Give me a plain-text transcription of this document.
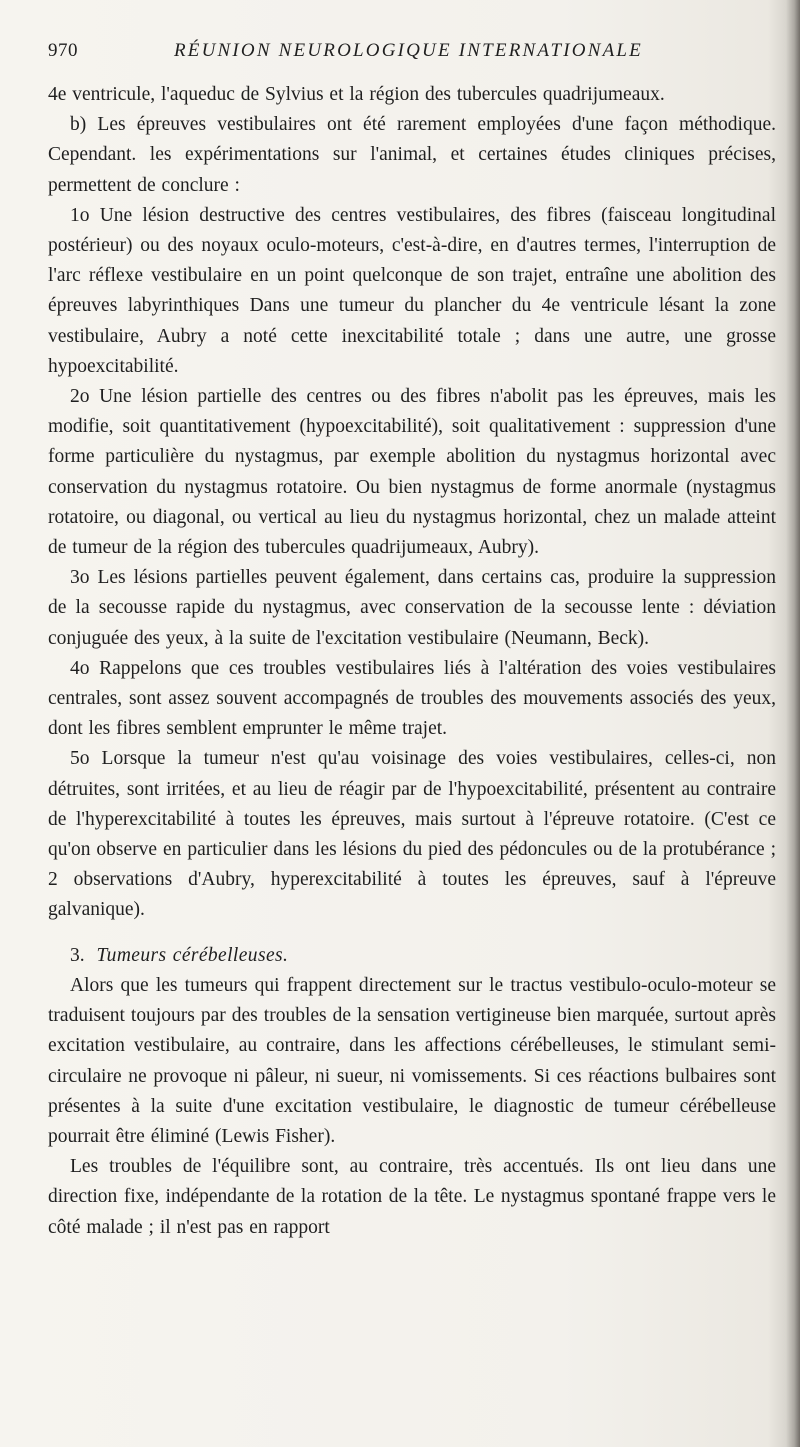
970	RÉUNION NEUROLOGIQUE INTERNATIONALE

4e ventricule, l'aqueduc de Sylvius et la région des tubercules quadrijumeaux.

b) Les épreuves vestibulaires ont été rarement employées d'une façon méthodique. Cependant. les expérimentations sur l'animal, et certaines études cliniques précises, permettent de conclure :

1o Une lésion destructive des centres vestibulaires, des fibres (faisceau longitudinal postérieur) ou des noyaux oculo-moteurs, c'est-à-dire, en d'autres termes, l'interruption de l'arc réflexe vestibulaire en un point quelconque de son trajet, entraîne une abolition des épreuves labyrinthiques Dans une tumeur du plancher du 4e ventricule lésant la zone vestibulaire, Aubry a noté cette inexcitabilité totale ; dans une autre, une grosse hypoexcitabilité.

2o Une lésion partielle des centres ou des fibres n'abolit pas les épreuves, mais les modifie, soit quantitativement (hypoexcitabilité), soit qualitativement : suppression d'une forme particulière du nystagmus, par exemple abolition du nystagmus horizontal avec conservation du nystagmus rotatoire. Ou bien nystagmus de forme anormale (nystagmus rotatoire, ou diagonal, ou vertical au lieu du nystagmus horizontal, chez un malade atteint de tumeur de la région des tubercules quadrijumeaux, Aubry).

3o Les lésions partielles peuvent également, dans certains cas, produire la suppression de la secousse rapide du nystagmus, avec conservation de la secousse lente : déviation conjuguée des yeux, à la suite de l'excitation vestibulaire (Neumann, Beck).

4o Rappelons que ces troubles vestibulaires liés à l'altération des voies vestibulaires centrales, sont assez souvent accompagnés de troubles des mouvements associés des yeux, dont les fibres semblent emprunter le même trajet.

5o Lorsque la tumeur n'est qu'au voisinage des voies vestibulaires, celles-ci, non détruites, sont irritées, et au lieu de réagir par de l'hypoexcitabilité, présentent au contraire de l'hyperexcitabilité à toutes les épreuves, mais surtout à l'épreuve rotatoire. (C'est ce qu'on observe en particulier dans les lésions du pied des pédoncules ou de la protubérance ; 2 observations d'Aubry, hyperexcitabilité à toutes les épreuves, sauf à l'épreuve galvanique).

3. Tumeurs cérébelleuses.

Alors que les tumeurs qui frappent directement sur le tractus vestibulo-oculo-moteur se traduisent toujours par des troubles de la sensation vertigineuse bien marquée, surtout après excitation vestibulaire, au contraire, dans les affections cérébelleuses, le stimulant semi-circulaire ne provoque ni pâleur, ni sueur, ni vomissements. Si ces réactions bulbaires sont présentes à la suite d'une excitation vestibulaire, le diagnostic de tumeur cérébelleuse pourrait être éliminé (Lewis Fisher).

Les troubles de l'équilibre sont, au contraire, très accentués. Ils ont lieu dans une direction fixe, indépendante de la rotation de la tête. Le nystagmus spontané frappe vers le côté malade ; il n'est pas en rapport
